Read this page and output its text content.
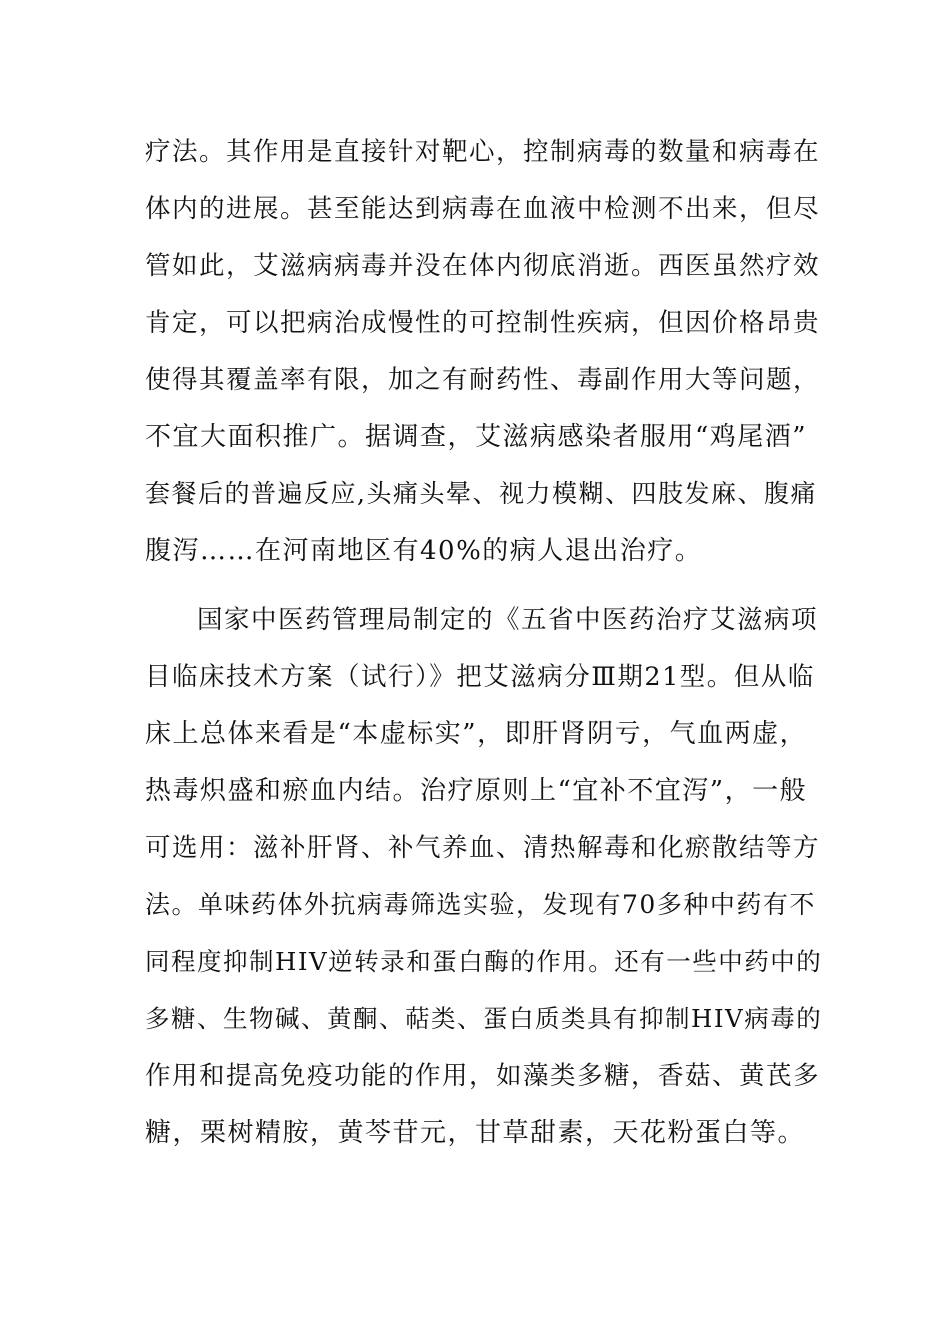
疗法。其作用是直接针对靶心，控制病毒的数量和病毒在
体内的进展。甚至能达到病毒在血液中检测不出来，但尽
管如此，艾滋病病毒并没在体内彻底消逝。西医虽然疗效
肯定，可以把病治成慢性的可控制性疾病，但因价格昂贵
使得其覆盖率有限，加之有耐药性、毒副作用大等问题，
不宜大面积推广。据调查，艾滋病感染者服用“鸡尾酒”
套餐后的普遍反应,头痛头晕、视力模糊、四肢发麻、腹痛
腹泻……在河南地区有40%的病人退出治疗。
国家中医药管理局制定的《五省中医药治疗艾滋病项
目临床技术方案（试行）》把艾滋病分Ⅲ期21型。但从临
床上总体来看是“本虚标实”，即肝肾阴亏，气血两虚，
热毒炽盛和瘀血内结。治疗原则上“宜补不宜泻”，一般
可选用：滋补肝肾、补气养血、清热解毒和化瘀散结等方
法。单味药体外抗病毒筛选实验，发现有70多种中药有不
同程度抑制HIV逆转录和蛋白酶的作用。还有一些中药中的
多糖、生物碱、黄酮、萜类、蛋白质类具有抑制HIV病毒的
作用和提高免疫功能的作用，如藻类多糖，香菇、黄芪多
糖，栗树精胺，黄芩苷元，甘草甜素，天花粉蛋白等。
